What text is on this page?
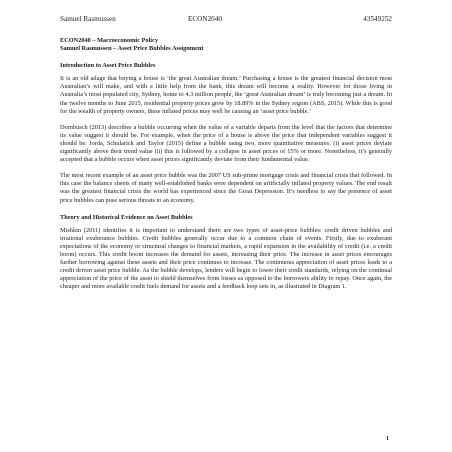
Samuel Rasmussen	ECON2040	43549252
ECON2040 – Macroeconomic Policy
Samuel Rasmussen – Asset Price Bubbles Assignment
Introduction to Asset Price Bubbles

It is an old adage that buying a house is ‘the great Australian dream.’ Purchasing a house is the greatest financial decision most Australian’s will make, and with a little help from the bank, this dream will become a reality. However for those living in Australia’s most populated city, Sydney, home to 4.3 million people, the ‘great Australian dream’ is truly becoming just a dream. In the twelve months to June 2015, residential property prices grew by 18.89% in the Sydney region (ABS, 2015). While this is good for the wealth of property owners, these inflated prices may well be causing an ‘asset price bubble.’

Dornbusch (2013) describes a bubble occurring when the value of a variable departs from the level that the factors that determine its value suggest it should be. For example, when the price of a house is above the price that independent variables suggest it should be. Jorda, Schularick and Taylor (2015) define a bubble using two, more quantitative measures: (i) asset prices deviate significantly above their trend value (ii) this is followed by a collapse in asset prices of 15% or more. Nonetheless, it’s generally accepted that a bubble occurs when asset prices significantly deviate from their fundamental value.

The most recent example of an asset price bubble was the 2007 US sub-prime mortgage crisis and financial crisis that followed. In this case the balance sheets of many well-established banks were dependent on artificially inflated property values. The end result was the greatest financial crisis the world has experienced since the Great Depression. It’s needless to say the presence of asset price bubbles can pose serious threats to an economy.

Theory and Historical Evidence on Asset Bubbles

Mishkin (2011) identifies it is important to understand there are two types of asset-price bubbles: credit driven bubbles and irrational exuberance bubbles. Credit bubbles generally occur due to a common chain of events. Firstly, due to exuberant expectations of the economy or structural changes to financial markets, a rapid expansion in the availability of credit (i.e. a credit boom) occurs. This credit boom increases the demand for assets, increasing their price. The increase in asset prices encourages further borrowing against these assets and their price continues to increase. The continuous appreciation of asset prices leads to a credit driven asset price bubble. As the bubble develops, lenders will begin to lower their credit standards, relying on the continual appreciation of the price of the asset to shield themselves from losses as opposed to the borrowers ability to repay. Once again, the cheaper and more available credit fuels demand for assets and a feedback loop sets in, as illustrated in Diagram 1.

1
